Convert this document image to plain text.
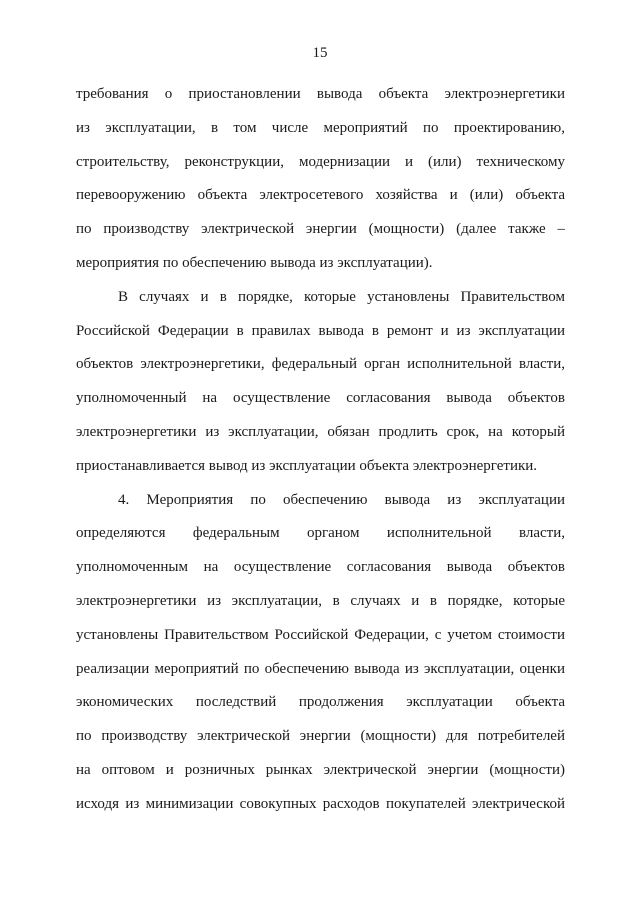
15
требования о приостановлении вывода объекта электроэнергетики
из эксплуатации, в том числе мероприятий по проектированию,
строительству, реконструкции, модернизации и (или) техническому
перевооружению объекта электросетевого хозяйства и (или) объекта
по производству электрической энергии (мощности) (далее также –
мероприятия по обеспечению вывода из эксплуатации).
В случаях и в порядке, которые установлены Правительством
Российской Федерации в правилах вывода в ремонт и из эксплуатации
объектов электроэнергетики, федеральный орган исполнительной власти,
уполномоченный на осуществление согласования вывода объектов
электроэнергетики из эксплуатации, обязан продлить срок, на который
приостанавливается вывод из эксплуатации объекта электроэнергетики.
4. Мероприятия по обеспечению вывода из эксплуатации
определяются федеральным органом исполнительной власти,
уполномоченным на осуществление согласования вывода объектов
электроэнергетики из эксплуатации, в случаях и в порядке, которые
установлены Правительством Российской Федерации, с учетом стоимости
реализации мероприятий по обеспечению вывода из эксплуатации, оценки
экономических последствий продолжения эксплуатации объекта
по производству электрической энергии (мощности) для потребителей
на оптовом и розничных рынках электрической энергии (мощности)
исходя из минимизации совокупных расходов покупателей электрической
